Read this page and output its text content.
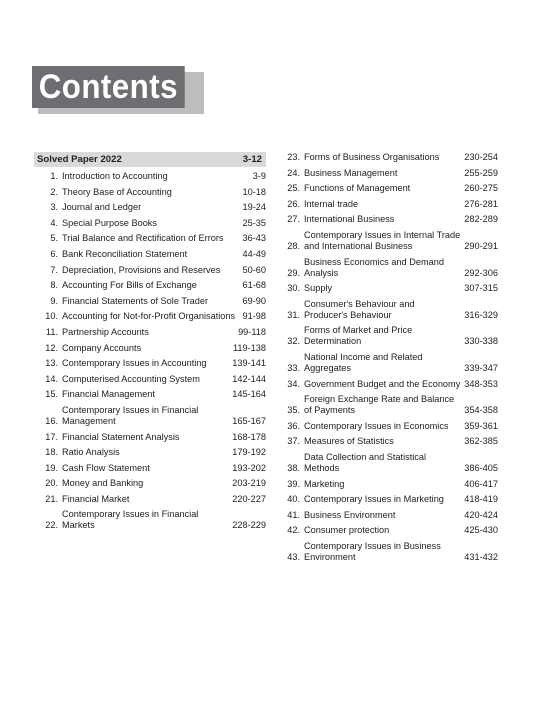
Contents
Solved Paper 2022	3-12
1. Introduction to Accounting	3-9
2. Theory Base of Accounting	10-18
3. Journal and Ledger	19-24
4. Special Purpose Books	25-35
5. Trial Balance and Rectification of Errors	36-43
6. Bank Reconciliation Statement	44-49
7. Depreciation, Provisions and Reserves	50-60
8. Accounting For Bills of Exchange	61-68
9. Financial Statements of Sole Trader	69-90
10. Accounting for Not-for-Profit Organisations 91-98
11. Partnership Accounts	99-118
12. Company Accounts	119-138
13. Contemporary Issues in Accounting	139-141
14. Computerised Accounting System	142-144
15. Financial Management	145-164
16.
Contemporary Issues in Financial Management	165-167
17. Financial Statement Analysis	168-178
18. Ratio Analysis	179-192
19. Cash Flow Statement	193-202
20. Money and Banking	203-219
21. Financial Market	220-227
22.
Contemporary Issues in Financial Markets	228-229
23. Forms of Business Organisations	230-254
24. Business Management	255-259
25. Functions of Management	260-275
26. Internal trade	276-281
27. International Business	282-289
28.
Contemporary Issues in Internal Trade and International Business	290-291
29.
Business Economics and Demand Analysis	292-306
30. Supply	307-315
31.
Consumer's Behaviour and Producer's Behaviour	316-329
32.
Forms of Market and Price Determination	330-338
33.
National Income and Related Aggregates	339-347
34. Government Budget and the Economy 348-353
35.
Foreign Exchange Rate and Balance of Payments	354-358
36. Contemporary Issues in Economics	359-361
37. Measures of Statistics	362-385
38.
Data Collection and Statistical Methods	386-405
39. Marketing	406-417
40. Contemporary Issues in Marketing	418-419
41. Business Environment	420-424
42. Consumer protection	425-430
43.
Contemporary Issues in Business Environment	431-432
